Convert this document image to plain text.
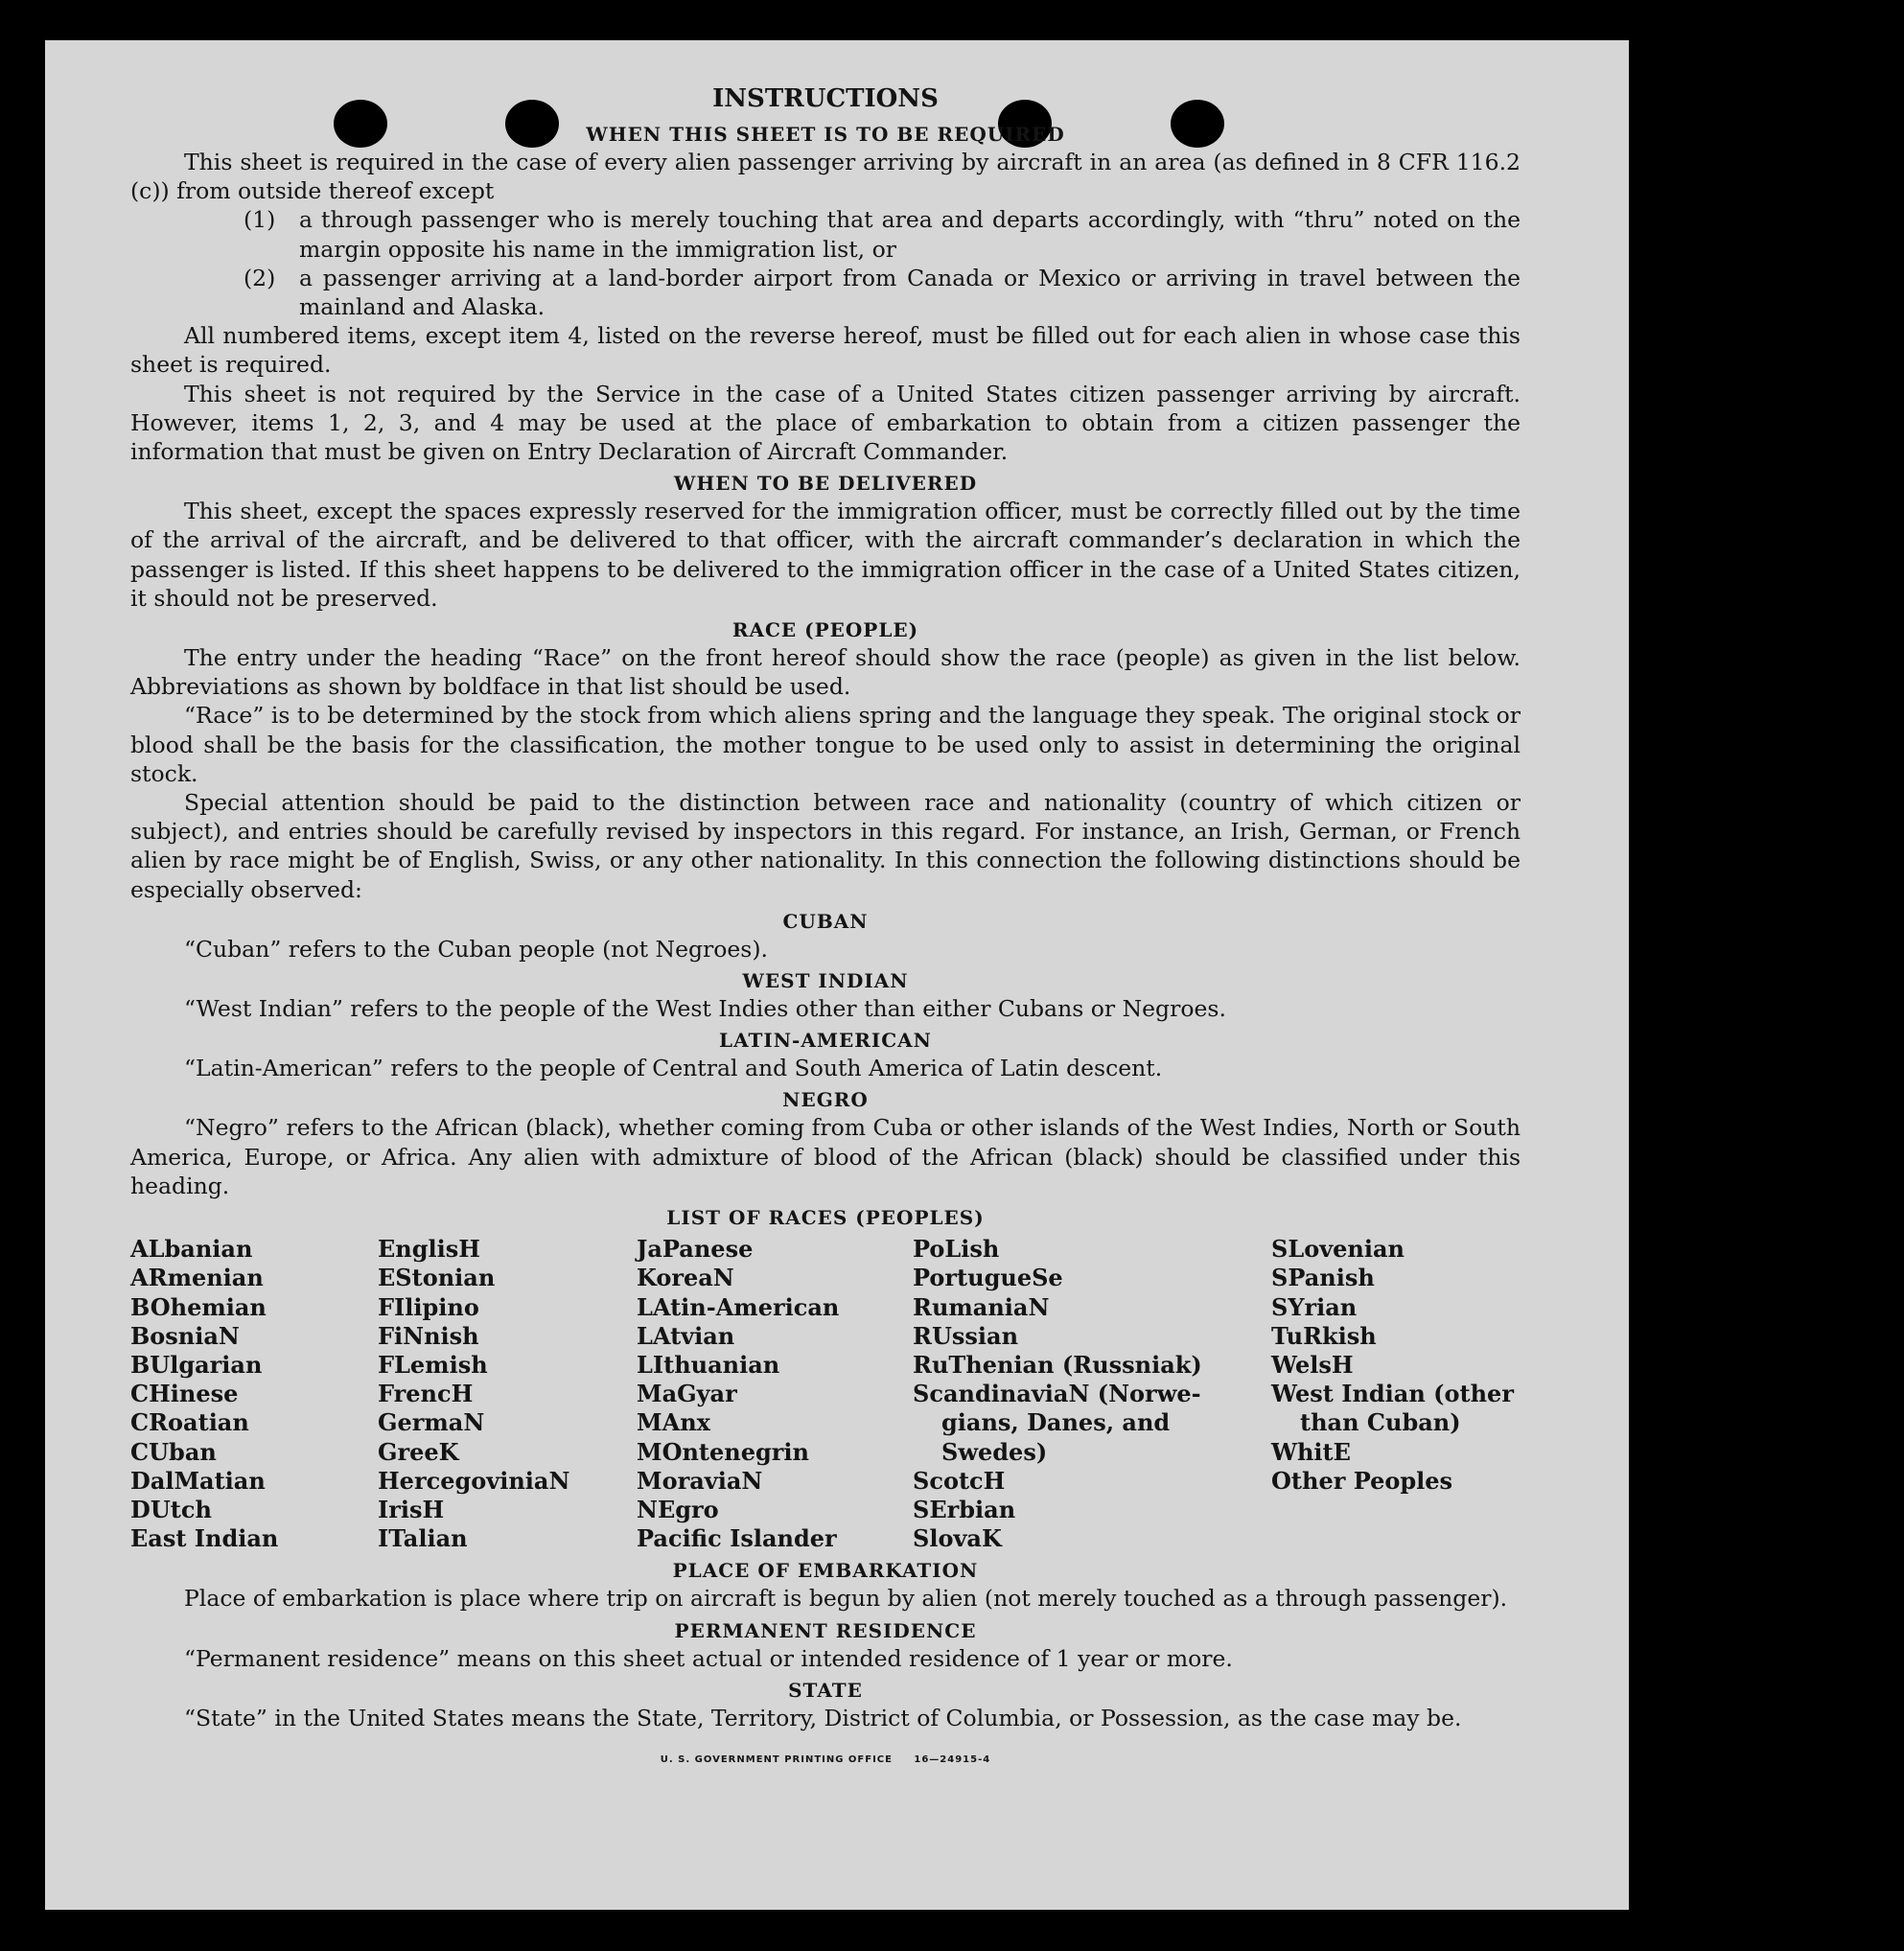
INSTRUCTIONS
WHEN THIS SHEET IS TO BE REQUIRED

This sheet is required in the case of every alien passenger arriving by aircraft in an area (as defined in 8 CFR 116.2 (c)) from outside thereof except

(1) a through passenger who is merely touching that area and departs accordingly, with “thru” noted on the margin opposite his name in the immigration list, or

(2) a passenger arriving at a land-border airport from Canada or Mexico or arriving in travel between the mainland and Alaska.

All numbered items, except item 4, listed on the reverse hereof, must be filled out for each alien in whose case this sheet is required.

This sheet is not required by the Service in the case of a United States citizen passenger arriving by aircraft. However, items 1, 2, 3, and 4 may be used at the place of embarkation to obtain from a citizen passenger the information that must be given on Entry Declaration of Aircraft Commander.

WHEN TO BE DELIVERED

This sheet, except the spaces expressly reserved for the immigration officer, must be correctly filled out by the time of the arrival of the aircraft, and be delivered to that officer, with the aircraft commander’s declaration in which the passenger is listed. If this sheet happens to be delivered to the immigration officer in the case of a United States citizen, it should not be preserved.

RACE (PEOPLE)

The entry under the heading “Race” on the front hereof should show the race (people) as given in the list below. Abbreviations as shown by boldface in that list should be used.

“Race” is to be determined by the stock from which aliens spring and the language they speak. The original stock or blood shall be the basis for the classification, the mother tongue to be used only to assist in determining the original stock.

Special attention should be paid to the distinction between race and nationality (country of which citizen or subject), and entries should be carefully revised by inspectors in this regard. For instance, an Irish, German, or French alien by race might be of English, Swiss, or any other nationality. In this connection the following distinctions should be especially observed:

CUBAN

“Cuban” refers to the Cuban people (not Negroes).

WEST INDIAN

“West Indian” refers to the people of the West Indies other than either Cubans or Negroes.

LATIN-AMERICAN

“Latin-American” refers to the people of Central and South America of Latin descent.

NEGRO

“Negro” refers to the African (black), whether coming from Cuba or other islands of the West Indies, North or South America, Europe, or Africa. Any alien with admixture of blood of the African (black) should be classified under this heading.

LIST OF RACES (PEOPLES)
ALbanian
ARmenian
BOhemian
BosniaN
BUlgarian
CHinese
CRoatian
CUban
DalMatian
DUtch
East Indian
EnglisH
EStonian
FIlipino
FiNnish
FLemish
FrencH
GermaN
GreeK
HercegoviniaN
IrisH
ITalian
JaPanese
KoreaN
LAtin-American
LAtvian
LIthuanian
MaGyar
MAnx
MOntenegrin
MoraviaN
NEgro
Pacific Islander
PoLish
PortugueSe
RumaniaN
RUssian
RuThenian (Russniak)
ScandinaviaN (Norwe-
gians, Danes, and
Swedes)
ScotcH
SErbian
SlovaK
SLovenian
SPanish
SYrian
TuRkish
WelsH
West Indian (other
than Cuban)
WhitE
Other Peoples
PLACE OF EMBARKATION

Place of embarkation is place where trip on aircraft is begun by alien (not merely touched as a through passenger).

PERMANENT RESIDENCE

“Permanent residence” means on this sheet actual or intended residence of 1 year or more.

STATE

“State” in the United States means the State, Territory, District of Columbia, or Possession, as the case may be.

U. S. GOVERNMENT PRINTING OFFICE     16—24915-4
